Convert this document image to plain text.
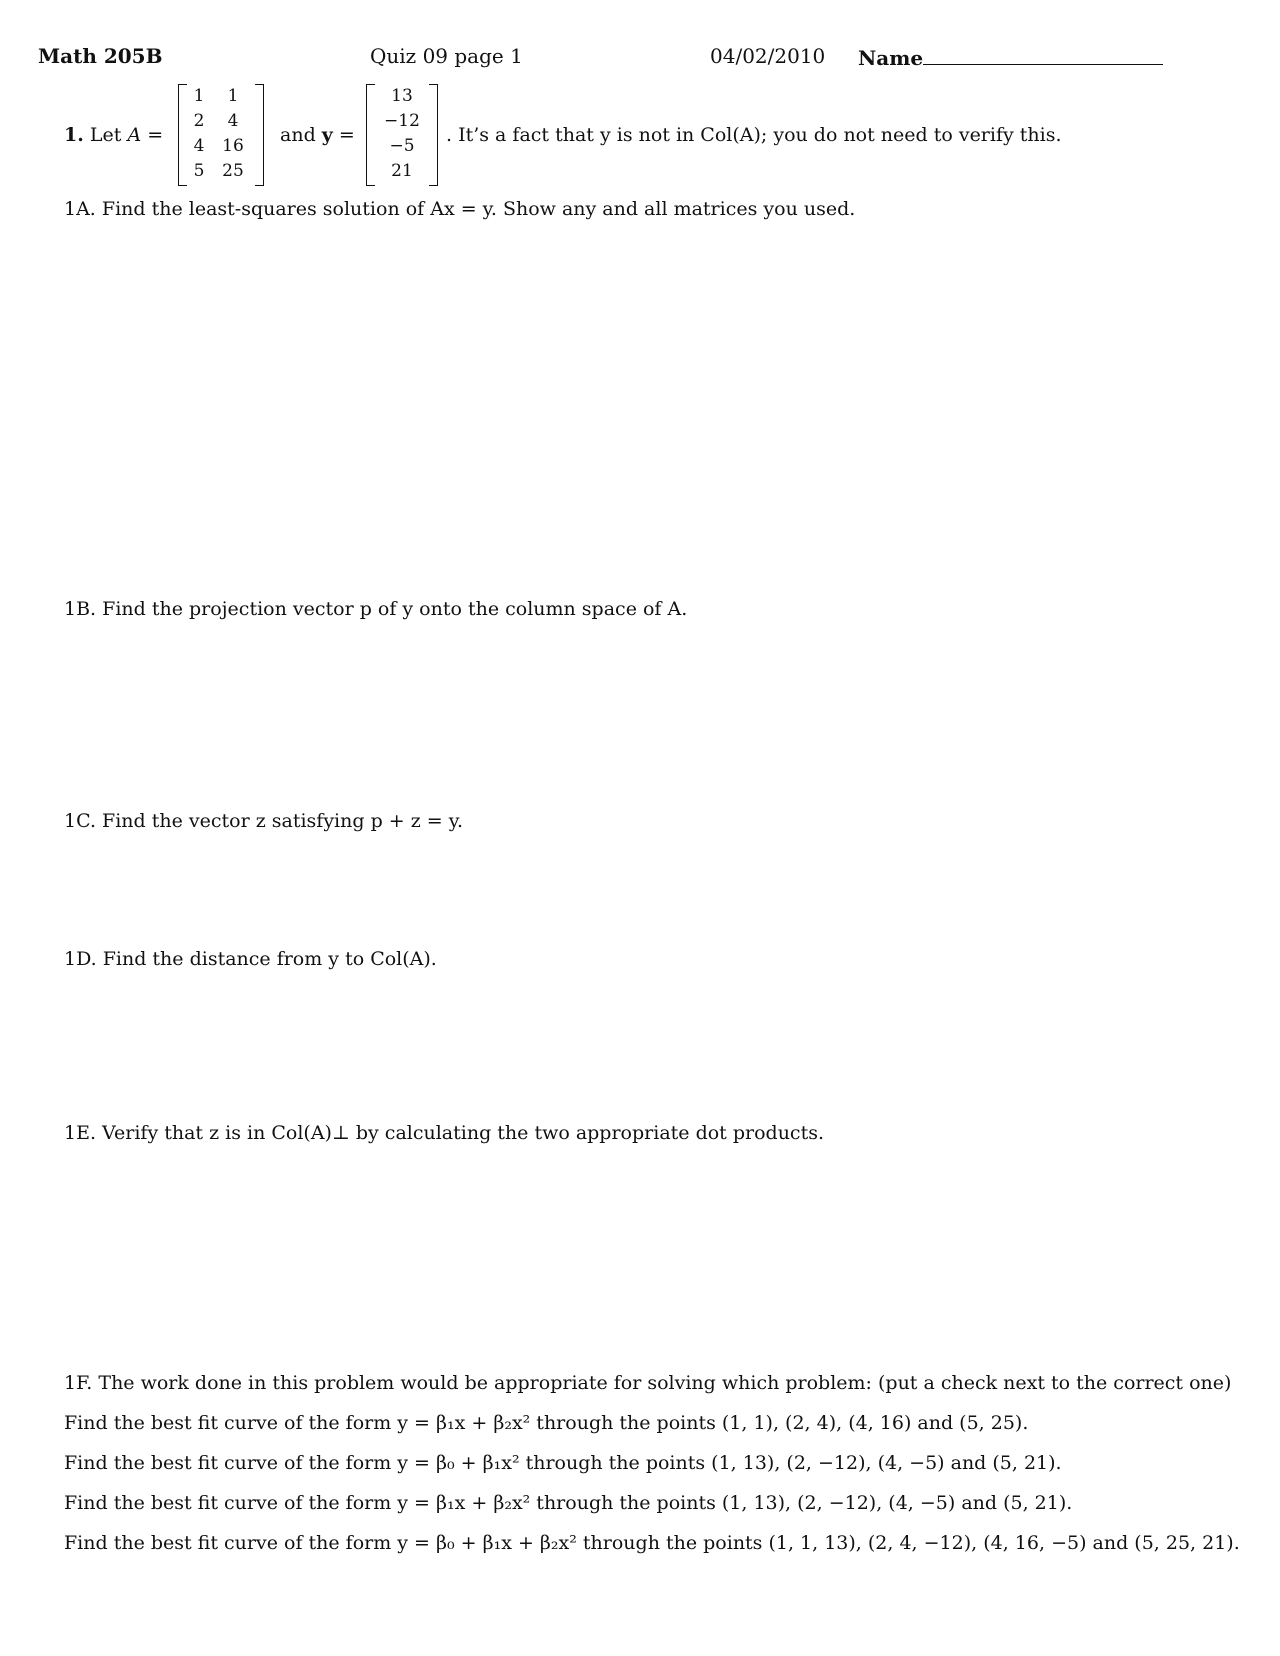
Math 205B	Quiz 09 page 1	04/02/2010 Name
1. Let A =
1	1
2	4
4	16
5	25
and y =
13
−12
−5
21
. It’s a fact that y is not in Col(A); you do not need to verify this.
1A. Find the least-squares solution of Ax = y. Show any and all matrices you used.
1B. Find the projection vector p of y onto the column space of A.
1C. Find the vector z satisfying p + z = y.
1D. Find the distance from y to Col(A).
1E. Verify that z is in Col(A)⊥ by calculating the two appropriate dot products.
1F. The work done in this problem would be appropriate for solving which problem: (put a check next to the correct one)
Find the best fit curve of the form y = β₁x + β₂x² through the points (1, 1), (2, 4), (4, 16) and (5, 25).
Find the best fit curve of the form y = β₀ + β₁x² through the points (1, 13), (2, −12), (4, −5) and (5, 21).
Find the best fit curve of the form y = β₁x + β₂x² through the points (1, 13), (2, −12), (4, −5) and (5, 21).
Find the best fit curve of the form y = β₀ + β₁x + β₂x² through the points (1, 1, 13), (2, 4, −12), (4, 16, −5) and (5, 25, 21).
